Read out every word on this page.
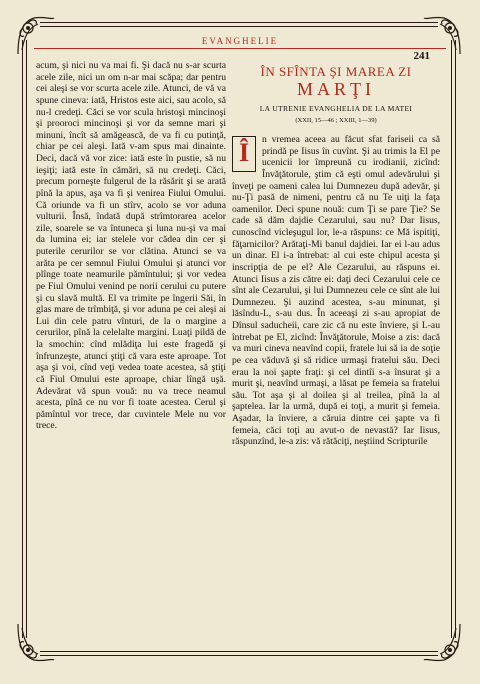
EVANGHELIE
241

acum, şi nici nu va mai fi. Şi dacă nu s-ar scurta acele zile, nici un om n-ar mai scăpa; dar pentru cei aleşi se vor scurta acele zile. Atunci, de vă va spune cineva: iată, Hristos este aici, sau acolo, să nu-l credeţi. Căci se vor scula hristoşi mincinoşi şi prooroci mincinoşi şi vor da semne mari şi minuni, încît să amăgească, de va fi cu putinţă, chiar pe cei aleşi. Iată v-am spus mai dinainte. Deci, dacă vă vor zice: iată este în pustie, să nu ieşiţi; iată este în cămări, să nu credeţi. Căci, precum porneşte fulgerul de la răsărit şi se arată pînă la apus, aşa va fi şi venirea Fiului Omului. Că oriunde va fi un stîrv, acolo se vor aduna vulturii. Însă, îndată după strîmtorarea acelor zile, soarele se va întuneca şi luna nu-şi va mai da lumina ei; iar stelele vor cădea din cer şi puterile cerurilor se vor clătina. Atunci se va arăta pe cer semnul Fiului Omului şi atunci vor plînge toate neamurile pămîntului; şi vor vedea pe Fiul Omului venind pe norii cerului cu putere şi cu slavă multă. El va trimite pe îngerii Săi, în glas mare de trîmbiţă, şi vor aduna pe cei aleşi ai Lui din cele patru vînturi, de la o margine a cerurilor, pînă la celelalte margini. Luaţi pildă de la smochin: cînd mlădiţa lui este fragedă şi înfrunzeşte, atunci ştiţi că vara este aproape. Tot aşa şi voi, cînd veţi vedea toate acestea, să ştiţi că Fiul Omului este aproape, chiar lîngă uşă. Adevărat vă spun vouă: nu va trece neamul acesta, pînă ce nu vor fi toate acestea. Cerul şi pămîntul vor trece, dar cuvintele Mele nu vor trece.

ÎN SFÎNTA ŞI MAREA ZI
MARŢI
LA UTRENIE EVANGHELIA DE LA MATEI
(XXII, 15—46 ; XXIII, 1—39)
Î	n vremea aceea au făcut sfat fariseii ca să prindă pe Iisus în cuvînt. Şi au trimis la El pe ucenicii lor împreună cu irodianii, zicînd: Învăţătorule, ştim că eşti omul adevărului şi înveţi pe oameni calea lui Dumnezeu după adevăr, şi nu-Ţi pasă de nimeni, pentru că nu Te uiţi la faţa oamenilor. Deci spune nouă: cum Ţi se pare Ţie? Se cade să dăm dajdie Cezarului, sau nu? Dar Iisus, cunoscînd vicleşugul lor, le-a răspuns: ce Mă ispitiţi, făţarnicilor? Arătaţi-Mi banul dajdiei. Iar ei l-au adus un dinar. El i-a întrebat: al cui este chipul acesta şi inscripţia de pe el? Ale Cezarului, au răspuns ei. Atunci Iisus a zis către ei: daţi deci Cezarului cele ce sînt ale Cezarului, şi lui Dumnezeu cele ce sînt ale lui Dumnezeu. Şi auzind acestea, s-au minunat, şi lăsîndu-L, s-au dus. În aceeaşi zi s-au apropiat de Dînsul saducheii, care zic că nu este înviere, şi L-au întrebat pe El, zicînd: Învăţătorule, Moise a zis: dacă va muri cineva neavînd copii, fratele lui să ia de soţie pe cea văduvă şi să ridice urmaşi fratelui său. Deci erau la noi şapte fraţi: şi cel dintîi s-a însurat şi a murit şi, neavînd urmaşi, a lăsat pe femeia sa fratelui său. Tot aşa şi al doilea şi al treilea, pînă la al şaptelea. Iar la urmă, după ei toţi, a murit şi femeia. Aşadar, la înviere, a căruia dintre cei şapte va fi femeia, căci toţi au avut-o de nevastă? Iar Iisus, răspunzînd, le-a zis: vă rătăciţi, neştiind Scripturile
